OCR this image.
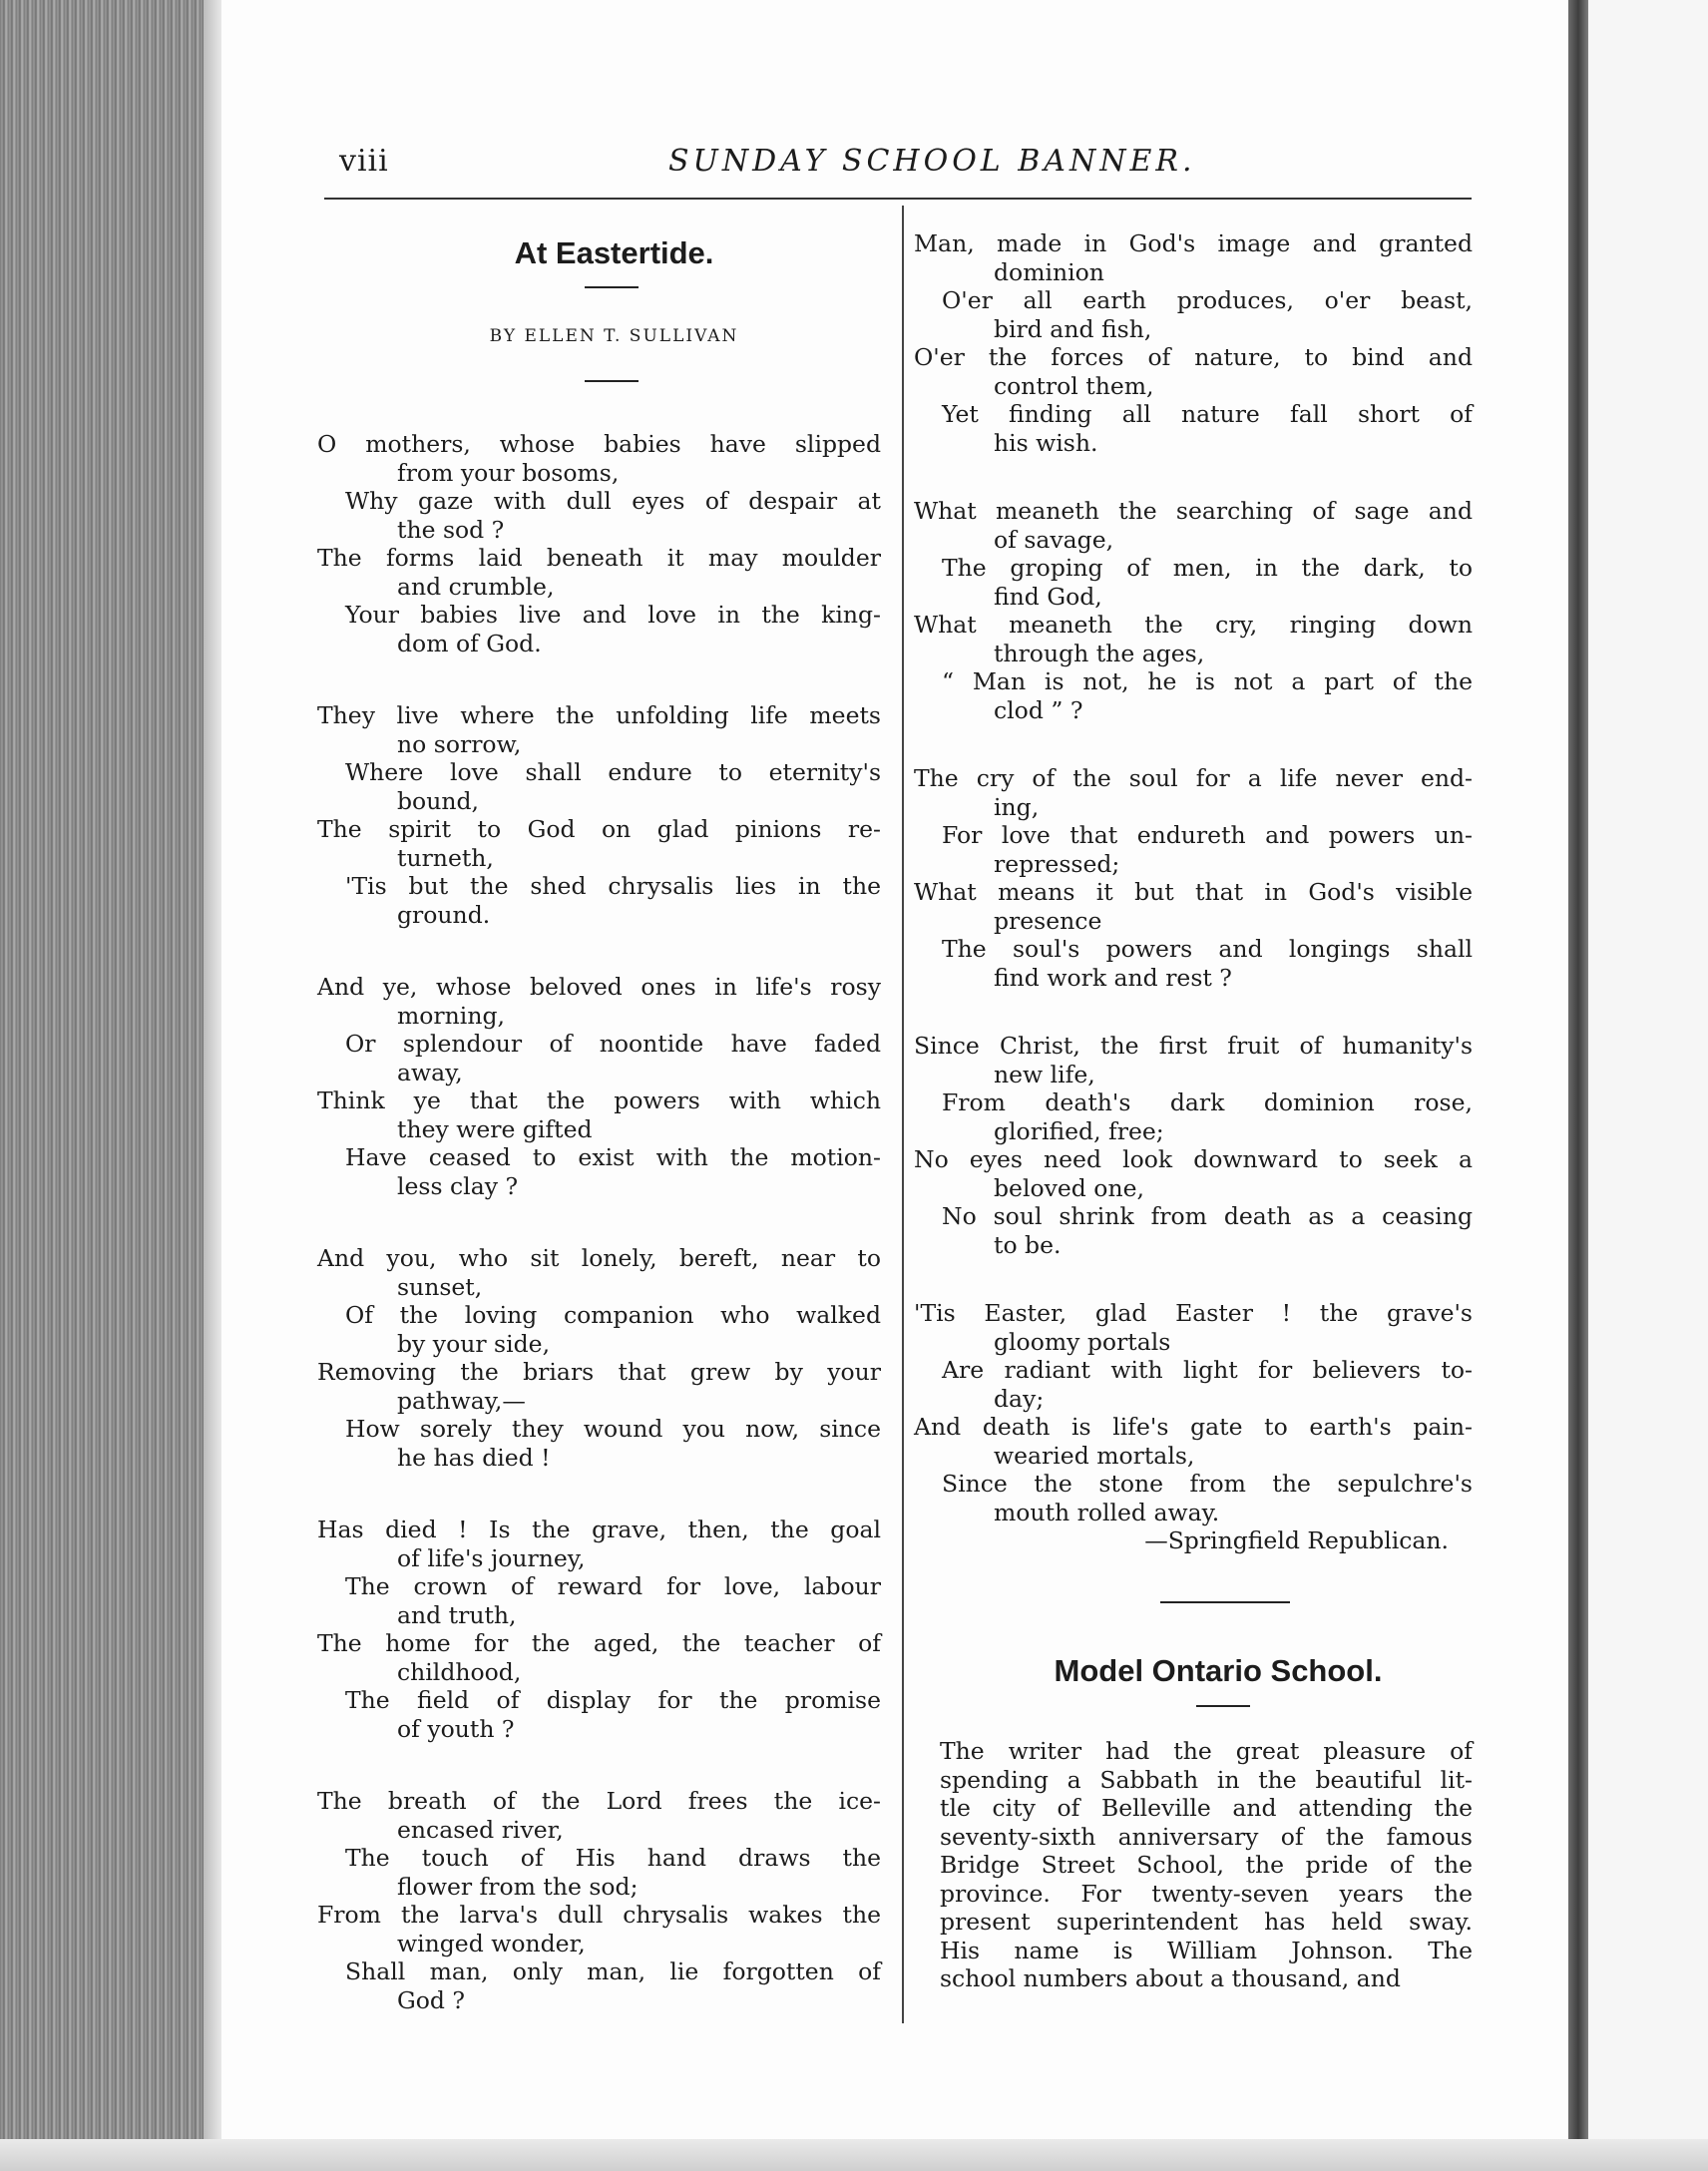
viii	SUNDAY SCHOOL BANNER.
At Eastertide.
BY ELLEN T. SULLIVAN
O mothers, whose babies have slipped
from your bosoms,
Why gaze with dull eyes of despair at
the sod ?
The forms laid beneath it may moulder
and crumble,
Your babies live and love in the king-
dom of God.
They live where the unfolding life meets
no sorrow,
Where love shall endure to eternity's
bound,
The spirit to God on glad pinions re-
turneth,
'Tis but the shed chrysalis lies in the
ground.
And ye, whose beloved ones in life's rosy
morning,
Or splendour of noontide have faded
away,
Think ye that the powers with which
they were gifted
Have ceased to exist with the motion-
less clay ?
And you, who sit lonely, bereft, near to
sunset,
Of the loving companion who walked
by your side,
Removing the briars that grew by your
pathway,—
How sorely they wound you now, since
he has died !
Has died ! Is the grave, then, the goal
of life's journey,
The crown of reward for love, labour
and truth,
The home for the aged, the teacher of
childhood,
The field of display for the promise
of youth ?
The breath of the Lord frees the ice-
encased river,
The touch of His hand draws the
flower from the sod;
From the larva's dull chrysalis wakes the
winged wonder,
Shall man, only man, lie forgotten of
God ?
Man, made in God's image and granted
dominion
O'er all earth produces, o'er beast,
bird and fish,
O'er the forces of nature, to bind and
control them,
Yet finding all nature fall short of
his wish.
What meaneth the searching of sage and
of savage,
The groping of men, in the dark, to
find God,
What meaneth the cry, ringing down
through the ages,
“ Man is not, he is not a part of the
clod ” ?
The cry of the soul for a life never end-
ing,
For love that endureth and powers un-
repressed;
What means it but that in God's visible
presence
The soul's powers and longings shall
find work and rest ?
Since Christ, the first fruit of humanity's
new life,
From death's dark dominion rose,
glorified, free;
No eyes need look downward to seek a
beloved one,
No soul shrink from death as a ceasing
to be.
'Tis Easter, glad Easter ! the grave's
gloomy portals
Are radiant with light for believers to-
day;
And death is life's gate to earth's pain-
wearied mortals,
Since the stone from the sepulchre's
mouth rolled away.
—Springfield Republican.
Model Ontario School.
The writer had the great pleasure of
spending a Sabbath in the beautiful lit-
tle city of Belleville and attending the
seventy-sixth anniversary of the famous
Bridge Street School, the pride of the
province. For twenty-seven years the
present superintendent has held sway.
His name is William Johnson. The
school numbers about a thousand, and
